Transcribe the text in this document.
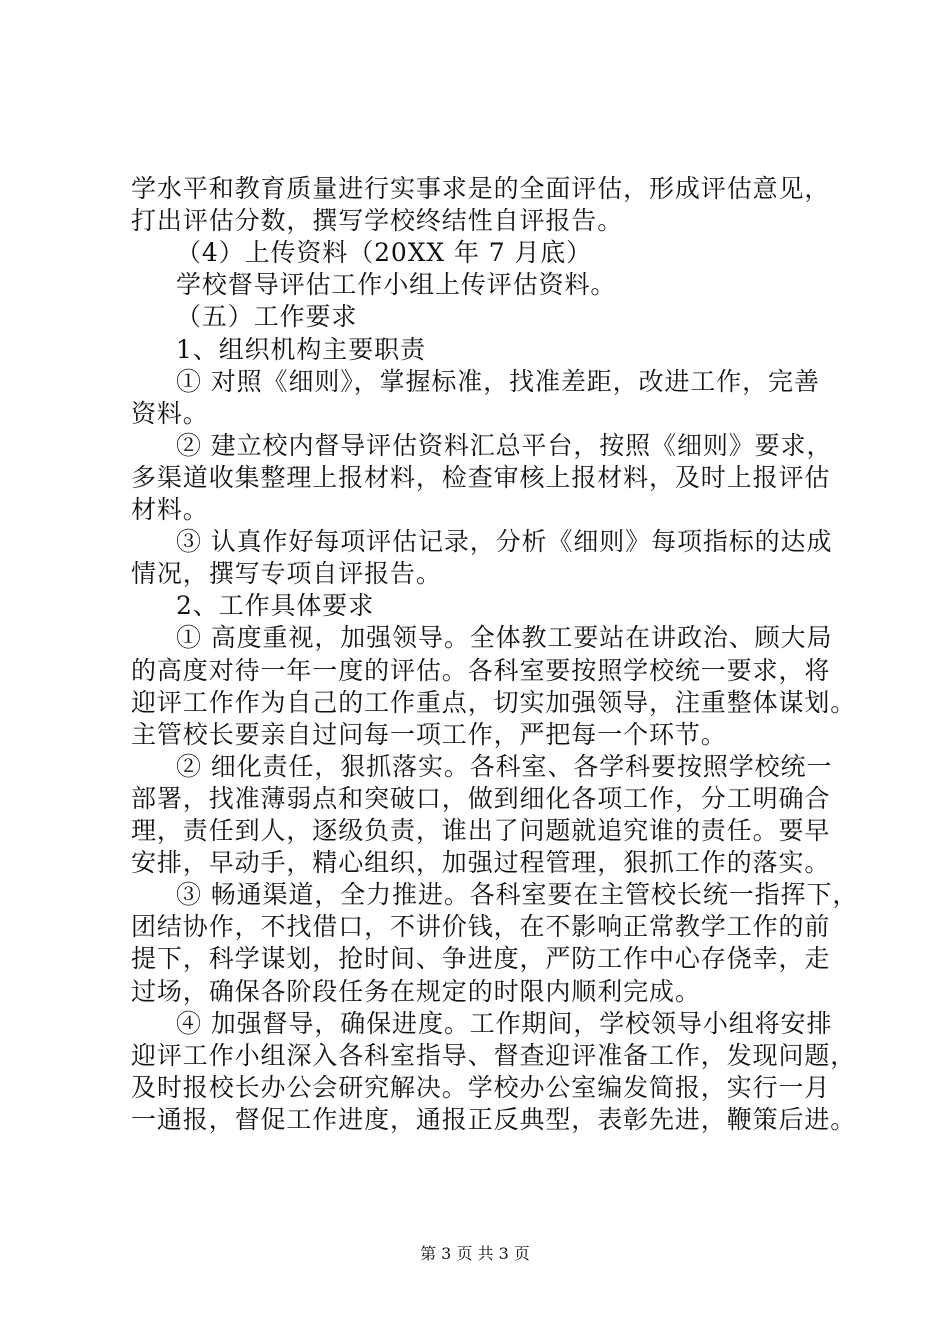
学水平和教育质量进行实事求是的全面评估，形成评估意见，
打出评估分数，撰写学校终结性自评报告。
（4）上传资料（20XX 年 7 月底）
学校督导评估工作小组上传评估资料。
（五）工作要求
1、组织机构主要职责
① 对照《细则》，掌握标准，找准差距，改进工作，完善
资料。
② 建立校内督导评估资料汇总平台，按照《细则》要求，
多渠道收集整理上报材料，检查审核上报材料，及时上报评估
材料。
③ 认真作好每项评估记录，分析《细则》每项指标的达成
情况，撰写专项自评报告。
2、工作具体要求
① 高度重视，加强领导。全体教工要站在讲政治、顾大局
的高度对待一年一度的评估。各科室要按照学校统一要求，将
迎评工作作为自己的工作重点，切实加强领导，注重整体谋划。
主管校长要亲自过问每一项工作，严把每一个环节。
② 细化责任，狠抓落实。各科室、各学科要按照学校统一
部署，找准薄弱点和突破口，做到细化各项工作，分工明确合
理，责任到人，逐级负责，谁出了问题就追究谁的责任。要早
安排，早动手，精心组织，加强过程管理，狠抓工作的落实。
③ 畅通渠道，全力推进。各科室要在主管校长统一指挥下，
团结协作，不找借口，不讲价钱，在不影响正常教学工作的前
提下，科学谋划，抢时间、争进度，严防工作中心存侥幸，走
过场，确保各阶段任务在规定的时限内顺利完成。
④ 加强督导，确保进度。工作期间，学校领导小组将安排
迎评工作小组深入各科室指导、督查迎评准备工作，发现问题，
及时报校长办公会研究解决。学校办公室编发简报，实行一月
一通报，督促工作进度，通报正反典型，表彰先进，鞭策后进。
第 3 页 共 3 页
